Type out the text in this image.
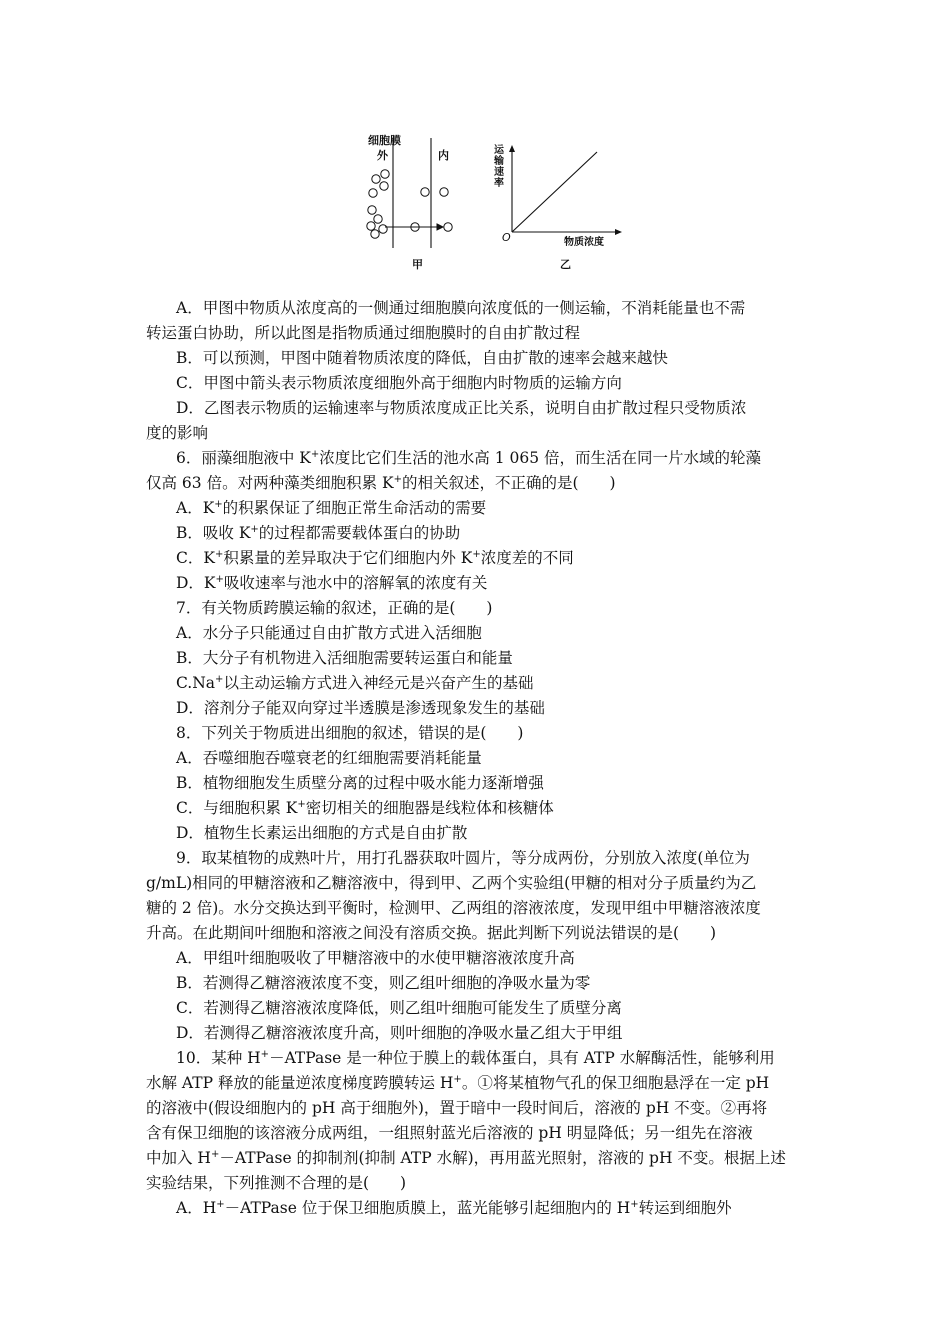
细胞膜
外	内
甲
运
输
速
率
O	物质浓度
乙

A．甲图中物质从浓度高的一侧通过细胞膜向浓度低的一侧运输，不消耗能量也不需

转运蛋白协助，所以此图是指物质通过细胞膜时的自由扩散过程

B．可以预测，甲图中随着物质浓度的降低，自由扩散的速率会越来越快

C．甲图中箭头表示物质浓度细胞外高于细胞内时物质的运输方向

D．乙图表示物质的运输速率与物质浓度成正比关系，说明自由扩散过程只受物质浓

度的影响

6．丽藻细胞液中 K+浓度比它们生活的池水高 1 065 倍，而生活在同一片水域的轮藻

仅高 63 倍。对两种藻类细胞积累 K+的相关叙述，不正确的是(　　)

A．K+的积累保证了细胞正常生命活动的需要

B．吸收 K+的过程都需要载体蛋白的协助

C．K+积累量的差异取决于它们细胞内外 K+浓度差的不同

D．K+吸收速率与池水中的溶解氧的浓度有关

7．有关物质跨膜运输的叙述，正确的是(　　)

A．水分子只能通过自由扩散方式进入活细胞

B．大分子有机物进入活细胞需要转运蛋白和能量

C.Na+以主动运输方式进入神经元是兴奋产生的基础

D．溶剂分子能双向穿过半透膜是渗透现象发生的基础

8．下列关于物质进出细胞的叙述，错误的是(　　)

A．吞噬细胞吞噬衰老的红细胞需要消耗能量

B．植物细胞发生质壁分离的过程中吸水能力逐渐增强

C．与细胞积累 K+密切相关的细胞器是线粒体和核糖体

D．植物生长素运出细胞的方式是自由扩散

9．取某植物的成熟叶片，用打孔器获取叶圆片，等分成两份，分别放入浓度(单位为

g/mL)相同的甲糖溶液和乙糖溶液中，得到甲、乙两个实验组(甲糖的相对分子质量约为乙

糖的 2 倍)。水分交换达到平衡时，检测甲、乙两组的溶液浓度，发现甲组中甲糖溶液浓度

升高。在此期间叶细胞和溶液之间没有溶质交换。据此判断下列说法错误的是(　　)

A．甲组叶细胞吸收了甲糖溶液中的水使甲糖溶液浓度升高

B．若测得乙糖溶液浓度不变，则乙组叶细胞的净吸水量为零

C．若测得乙糖溶液浓度降低，则乙组叶细胞可能发生了质壁分离

D．若测得乙糖溶液浓度升高，则叶细胞的净吸水量乙组大于甲组

10．某种 H+－ATPase 是一种位于膜上的载体蛋白，具有 ATP 水解酶活性，能够利用

水解 ATP 释放的能量逆浓度梯度跨膜转运 H+。①将某植物气孔的保卫细胞悬浮在一定 pH

的溶液中(假设细胞内的 pH 高于细胞外)，置于暗中一段时间后，溶液的 pH 不变。②再将

含有保卫细胞的该溶液分成两组，一组照射蓝光后溶液的 pH 明显降低；另一组先在溶液

中加入 H+－ATPase 的抑制剂(抑制 ATP 水解)，再用蓝光照射，溶液的 pH 不变。根据上述

实验结果，下列推测不合理的是(　　)

A．H+－ATPase 位于保卫细胞质膜上，蓝光能够引起细胞内的 H+转运到细胞外
